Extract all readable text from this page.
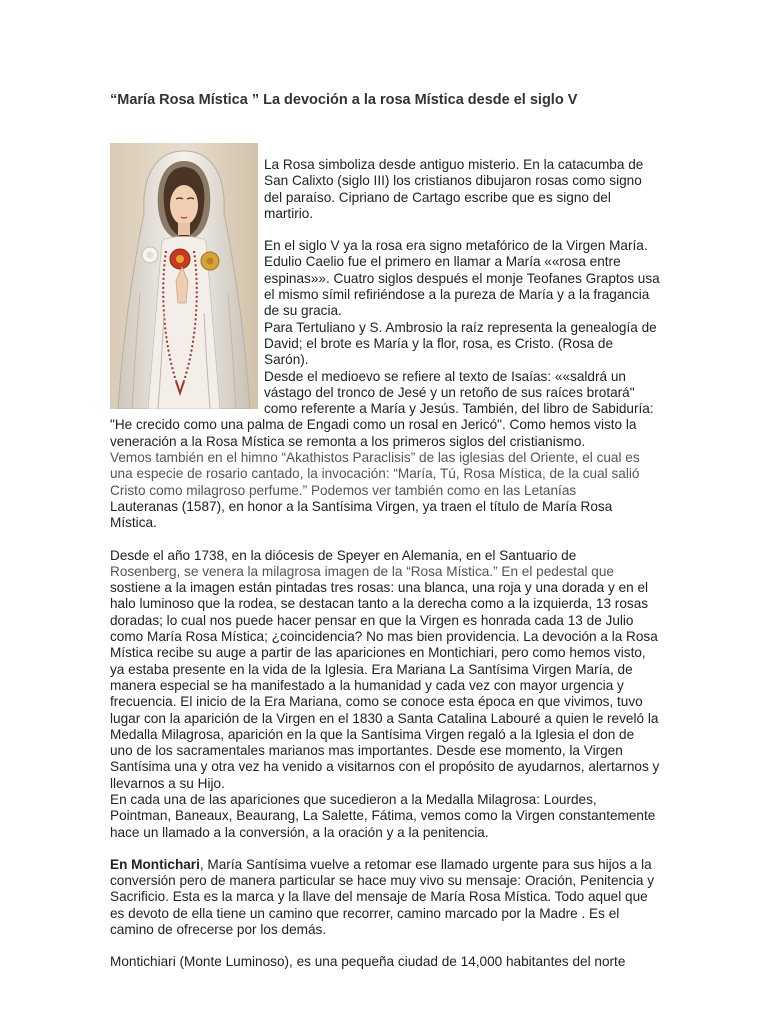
“María Rosa Mística ” La devoción a la rosa Mística desde el siglo V

La Rosa simboliza desde antiguo misterio. En la catacumba de San Calixto (siglo III) los cristianos dibujaron rosas como signo del paraíso. Cipriano de Cartago escribe que es signo del martirio.

En el siglo V ya la rosa era signo metafórico de la Virgen María. Edulio Caelio fue el primero en llamar a María ««rosa entre espinas»». Cuatro siglos después el monje Teofanes Graptos usa el mismo símil refiriéndose a la pureza de María y a la fragancia de su gracia.

Para Tertuliano y S. Ambrosio la raíz representa la genealogía de David; el brote es María y la flor, rosa, es Cristo. (Rosa de Sarón).

Desde el medioevo se refiere al texto de Isaías: ««saldrá un vástago del tronco de Jesé y un retoño de sus raíces brotará" como referente a María y Jesús. También, del libro de Sabiduría: "He crecido como una palma de Engadi como un rosal en Jericó". Como hemos visto la veneración a la Rosa Mística se remonta a los primeros siglos del cristianismo.

Vemos también en el himno “Akathistos Paraclisis” de las iglesias del Oriente, el cual es una especie de rosario cantado, la invocación: “María, Tú, Rosa Mística, de la cual salió Cristo como milagroso perfume.” Podemos ver también como en las Letanías

Lauteranas (1587), en honor a la Santísima Virgen, ya traen el título de María Rosa Mística.

Desde el año 1738, en la diócesis de Speyer en Alemania, en el Santuario de

Rosenberg, se venera la milagrosa imagen de la “Rosa Mística.” En el pedestal que

sostiene a la imagen están pintadas tres rosas: una blanca, una roja y una dorada y en el halo luminoso que la rodea, se destacan tanto a la derecha como a la izquierda, 13 rosas doradas; lo cual nos puede hacer pensar en que la Virgen es honrada cada 13 de Julio como María Rosa Mística; ¿coincidencia? No mas bien providencia. La devoción a la Rosa Mística recibe su auge a partir de las apariciones en Montichiari, pero como hemos visto, ya estaba presente en la vida de la Iglesia. Era Mariana La Santísima Virgen María, de manera especial se ha manifestado a la humanidad y cada vez con mayor urgencia y frecuencia. El inicio de la Era Mariana, como se conoce esta época en que vivimos, tuvo lugar con la aparición de la Virgen en el 1830 a Santa Catalina Labouré a quien le reveló la Medalla Milagrosa, aparición en la que la Santísima Virgen regaló a la Iglesia el don de uno de los sacramentales marianos mas importantes. Desde ese momento, la Virgen Santísima una y otra vez ha venido a visitarnos con el propósito de ayudarnos, alertarnos y llevarnos a su Hijo.

En cada una de las apariciones que sucedieron a la Medalla Milagrosa: Lourdes, Pointman, Baneaux, Beaurang, La Salette, Fátima, vemos como la Virgen constantemente hace un llamado a la conversión, a la oración y a la penitencia.

En Montichari, María Santísima vuelve a retomar ese llamado urgente para sus hijos a la conversión pero de manera particular se hace muy vivo su mensaje: Oración, Penitencia y Sacrificio. Esta es la marca y la llave del mensaje de María Rosa Mística. Todo aquel que es devoto de ella tiene un camino que recorrer, camino marcado por la Madre . Es el camino de ofrecerse por los demás.

Montichiari (Monte Luminoso), es una pequeña ciudad de 14,000 habitantes del norte
